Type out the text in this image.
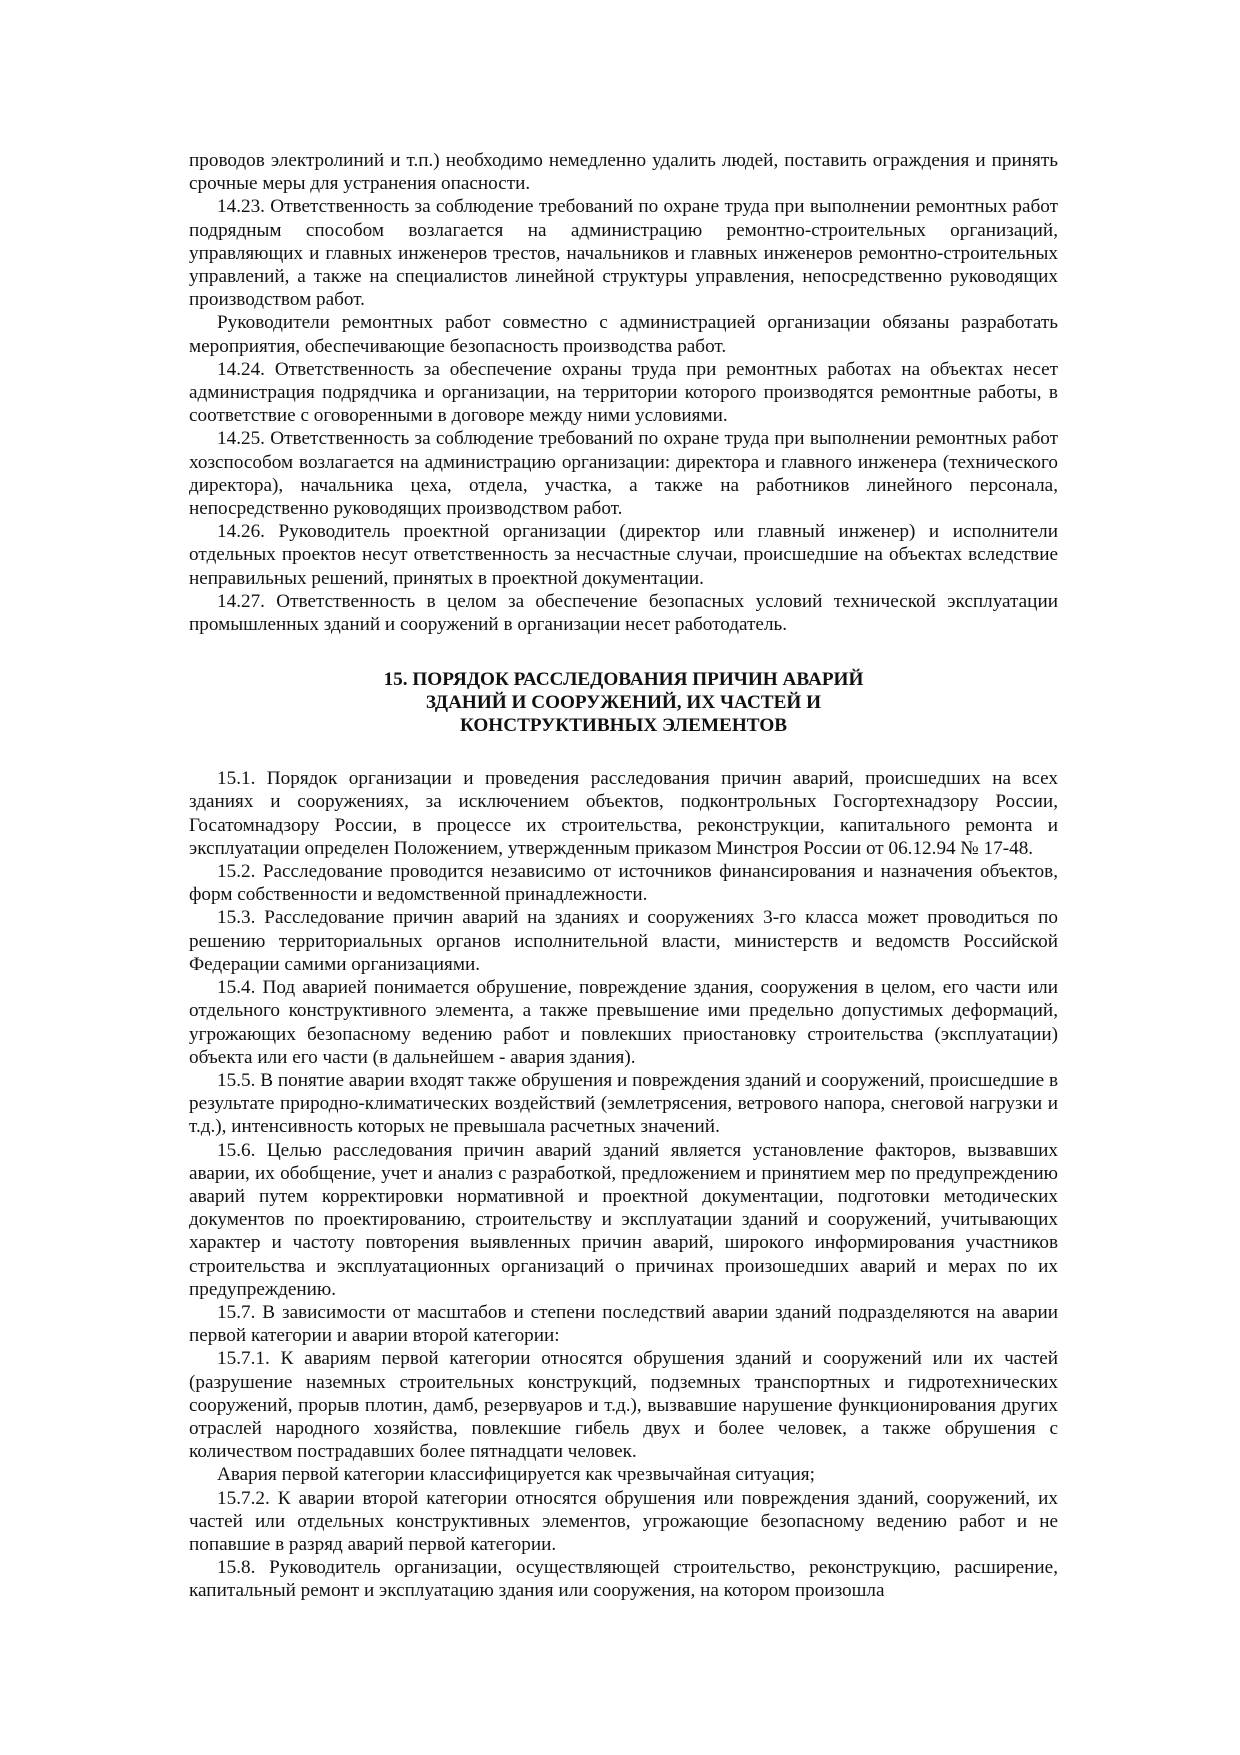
проводов электролиний и т.п.) необходимо немедленно удалить людей, поставить ограждения и принять срочные меры для устранения опасности.

14.23. Ответственность за соблюдение требований по охране труда при выполнении ремонтных работ подрядным способом возлагается на администрацию ремонтно-строительных организаций, управляющих и главных инженеров трестов, начальников и главных инженеров ремонтно-строительных управлений, а также на специалистов линейной структуры управления, непосредственно руководящих производством работ.

Руководители ремонтных работ совместно с администрацией организации обязаны разработать мероприятия, обеспечивающие безопасность производства работ.

14.24. Ответственность за обеспечение охраны труда при ремонтных работах на объектах несет администрация подрядчика и организации, на территории которого производятся ремонтные работы, в соответствие с оговоренными в договоре между ними условиями.

14.25. Ответственность за соблюдение требований по охране труда при выполнении ремонтных работ хозспособом возлагается на администрацию организации: директора и главного инженера (технического директора), начальника цеха, отдела, участка, а также на работников линейного персонала, непосредственно руководящих производством работ.

14.26. Руководитель проектной организации (директор или главный инженер) и исполнители отдельных проектов несут ответственность за несчастные случаи, происшедшие на объектах вследствие неправильных решений, принятых в проектной документации.

14.27. Ответственность в целом за обеспечение безопасных условий технической эксплуатации промышленных зданий и сооружений в организации несет работодатель.

15. ПОРЯДОК РАССЛЕДОВАНИЯ ПРИЧИН АВАРИЙ
ЗДАНИЙ И СООРУЖЕНИЙ, ИХ ЧАСТЕЙ И
КОНСТРУКТИВНЫХ ЭЛЕМЕНТОВ

15.1. Порядок организации и проведения расследования причин аварий, происшедших на всех зданиях и сооружениях, за исключением объектов, подконтрольных Госгортехнадзору России, Госатомнадзору России, в процессе их строительства, реконструкции, капитального ремонта и эксплуатации определен Положением, утвержденным приказом Минстроя России от 06.12.94 № 17-48.

15.2. Расследование проводится независимо от источников финансирования и назначения объектов, форм собственности и ведомственной принадлежности.

15.3. Расследование причин аварий на зданиях и сооружениях 3-го класса может проводиться по решению территориальных органов исполнительной власти, министерств и ведомств Российской Федерации самими организациями.

15.4. Под аварией понимается обрушение, повреждение здания, сооружения в целом, его части или отдельного конструктивного элемента, а также превышение ими предельно допустимых деформаций, угрожающих безопасному ведению работ и повлекших приостановку строительства (эксплуатации) объекта или его части (в дальнейшем - авария здания).

15.5. В понятие аварии входят также обрушения и повреждения зданий и сооружений, происшедшие в результате природно-климатических воздействий (землетрясения, ветрового напора, снеговой нагрузки и т.д.), интенсивность которых не превышала расчетных значений.

15.6. Целью расследования причин аварий зданий является установление факторов, вызвавших аварии, их обобщение, учет и анализ с разработкой, предложением и принятием мер по предупреждению аварий путем корректировки нормативной и проектной документации, подготовки методических документов по проектированию, строительству и эксплуатации зданий и сооружений, учитывающих характер и частоту повторения выявленных причин аварий, широкого информирования участников строительства и эксплуатационных организаций о причинах произошедших аварий и мерах по их предупреждению.

15.7. В зависимости от масштабов и степени последствий аварии зданий подразделяются на аварии первой категории и аварии второй категории:

15.7.1. К авариям первой категории относятся обрушения зданий и сооружений или их частей (разрушение наземных строительных конструкций, подземных транспортных и гидротехнических сооружений, прорыв плотин, дамб, резервуаров и т.д.), вызвавшие нарушение функционирования других отраслей народного хозяйства, повлекшие гибель двух и более человек, а также обрушения с количеством пострадавших более пятнадцати человек.

Авария первой категории классифицируется как чрезвычайная ситуация;

15.7.2. К аварии второй категории относятся обрушения или повреждения зданий, сооружений, их частей или отдельных конструктивных элементов, угрожающие безопасному ведению работ и не попавшие в разряд аварий первой категории.

15.8. Руководитель организации, осуществляющей строительство, реконструкцию, расширение, капитальный ремонт и эксплуатацию здания или сооружения, на котором произошла
